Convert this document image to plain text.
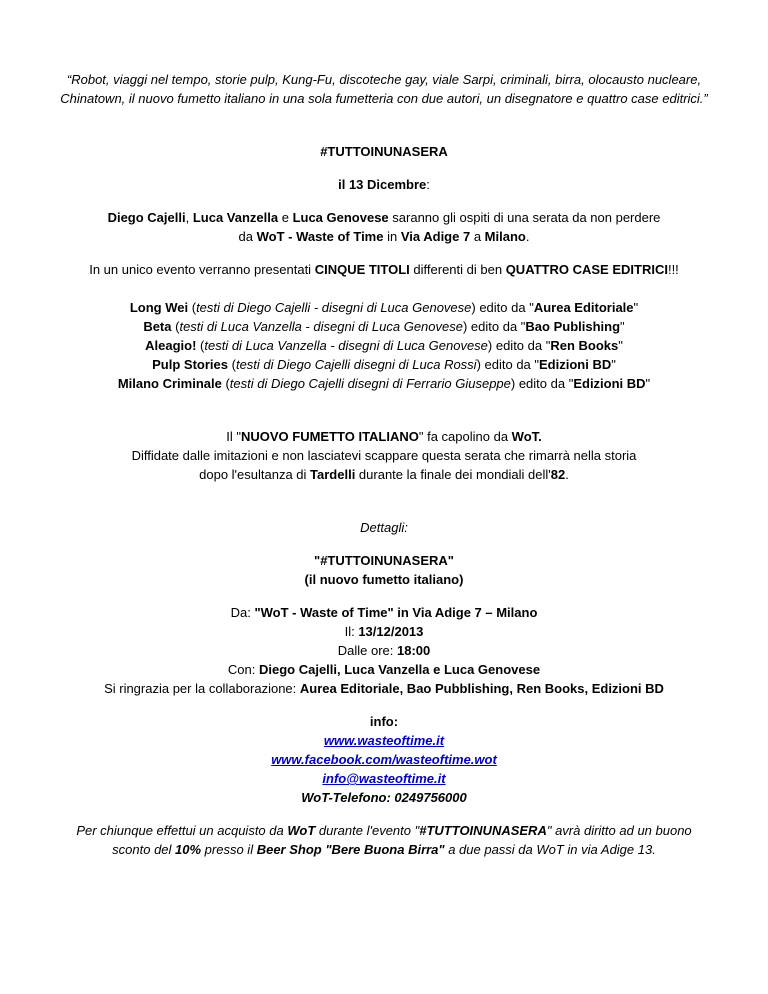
“Robot, viaggi nel tempo, storie pulp, Kung-Fu, discoteche gay, viale Sarpi, criminali, birra, olocausto nucleare, Chinatown, il nuovo fumetto italiano in una sola fumetteria con due autori, un disegnatore e quattro case editrici.”

#TUTTOINUNASERA

il 13 Dicembre:

Diego Cajelli, Luca Vanzella e Luca Genovese saranno gli ospiti di una serata da non perdere
da WoT - Waste of Time in Via Adige 7 a Milano.

In un unico evento verranno presentati CINQUE TITOLI differenti di ben QUATTRO CASE EDITRICI!!!

Long Wei (testi di Diego Cajelli - disegni di Luca Genovese) edito da "Aurea Editoriale"

Beta (testi di Luca Vanzella - disegni di Luca Genovese) edito da "Bao Publishing"

Aleagio! (testi di Luca Vanzella - disegni di Luca Genovese) edito da "Ren Books"

Pulp Stories (testi di Diego Cajelli disegni di Luca Rossi) edito da "Edizioni BD"

Milano Criminale (testi di Diego Cajelli disegni di Ferrario Giuseppe) edito da "Edizioni BD"

Il "NUOVO FUMETTO ITALIANO" fa capolino da WoT.

Diffidate dalle imitazioni e non lasciatevi scappare questa serata che rimarrà nella storia

dopo l'esultanza di Tardelli durante la finale dei mondiali dell'82.

Dettagli:

"#TUTTOINUNASERA"

(il nuovo fumetto italiano)

Da: "WoT - Waste of Time" in Via Adige 7 – Milano

Il: 13/12/2013

Dalle ore: 18:00

Con: Diego Cajelli, Luca Vanzella e Luca Genovese

Si ringrazia per la collaborazione: Aurea Editoriale, Bao Pubblishing, Ren Books, Edizioni BD

info:

www.wasteoftime.it

www.facebook.com/wasteoftime.wot

info@wasteoftime.it

WoT-Telefono: 0249756000

Per chiunque effettui un acquisto da WoT durante l'evento "#TUTTOINUNASERA" avrà diritto ad un buono

sconto del 10% presso il Beer Shop "Bere Buona Birra" a due passi da WoT in via Adige 13.
